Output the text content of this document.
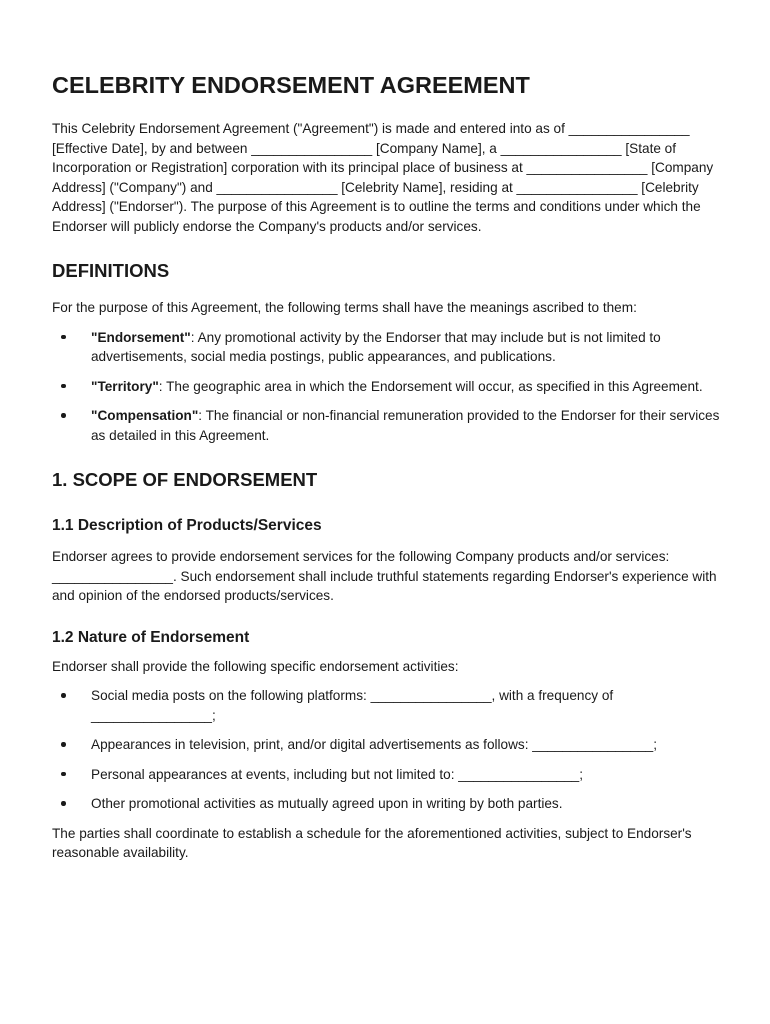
CELEBRITY ENDORSEMENT AGREEMENT

This Celebrity Endorsement Agreement ("Agreement") is made and entered into as of ________________ [Effective Date], by and between ________________ [Company Name], a ________________ [State of Incorporation or Registration] corporation with its principal place of business at ________________ [Company Address] ("Company") and ________________ [Celebrity Name], residing at ________________ [Celebrity Address] ("Endorser"). The purpose of this Agreement is to outline the terms and conditions under which the Endorser will publicly endorse the Company's products and/or services.

DEFINITIONS

For the purpose of this Agreement, the following terms shall have the meanings ascribed to them:

"Endorsement": Any promotional activity by the Endorser that may include but is not limited to advertisements, social media postings, public appearances, and publications.
"Territory": The geographic area in which the Endorsement will occur, as specified in this Agreement.
"Compensation": The financial or non-financial remuneration provided to the Endorser for their services as detailed in this Agreement.
1. SCOPE OF ENDORSEMENT
1.1 Description of Products/Services

Endorser agrees to provide endorsement services for the following Company products and/or services: ________________. Such endorsement shall include truthful statements regarding Endorser's experience with and opinion of the endorsed products/services.

1.2 Nature of Endorsement

Endorser shall provide the following specific endorsement activities:

Social media posts on the following platforms: ________________, with a frequency of ________________;
Appearances in television, print, and/or digital advertisements as follows: ________________;
Personal appearances at events, including but not limited to: ________________;
Other promotional activities as mutually agreed upon in writing by both parties.

The parties shall coordinate to establish a schedule for the aforementioned activities, subject to Endorser's reasonable availability.
